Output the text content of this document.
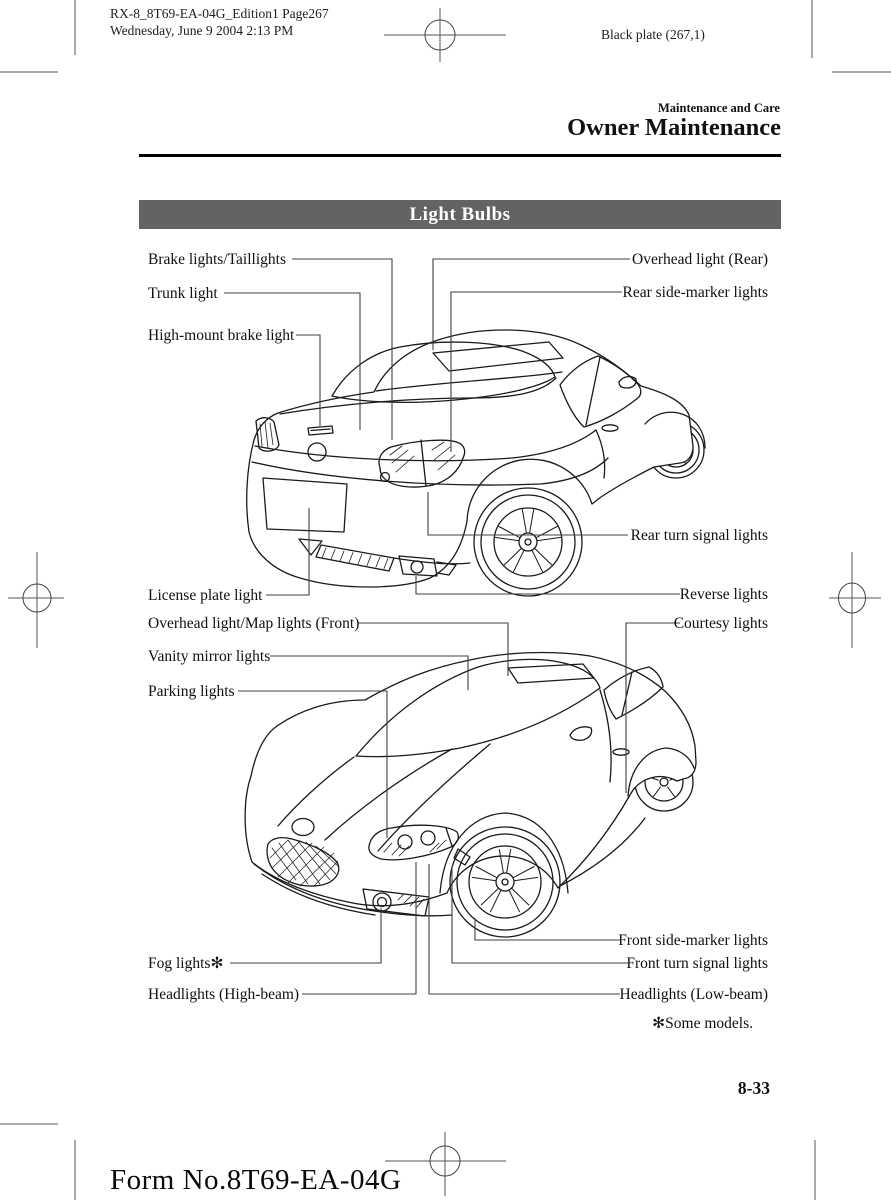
RX-8_8T69-EA-04G_Edition1 Page267
Wednesday, June 9 2004 2:13 PM	Black plate (267,1)
Maintenance and Care
Owner Maintenance
Light Bulbs
Brake lights/Taillights
Trunk light
High-mount brake light
Overhead light (Rear)
Rear side-marker lights
Rear turn signal lights
License plate light	Reverse lights
Overhead light/Map lights (Front)
Vanity mirror lights
Parking lights
Courtesy lights
Front side-marker lights
Fog lights✻	Front turn signal lights
Headlights (High-beam)	Headlights (Low-beam)
✻Some models.
8-33
Form No.8T69-EA-04G
